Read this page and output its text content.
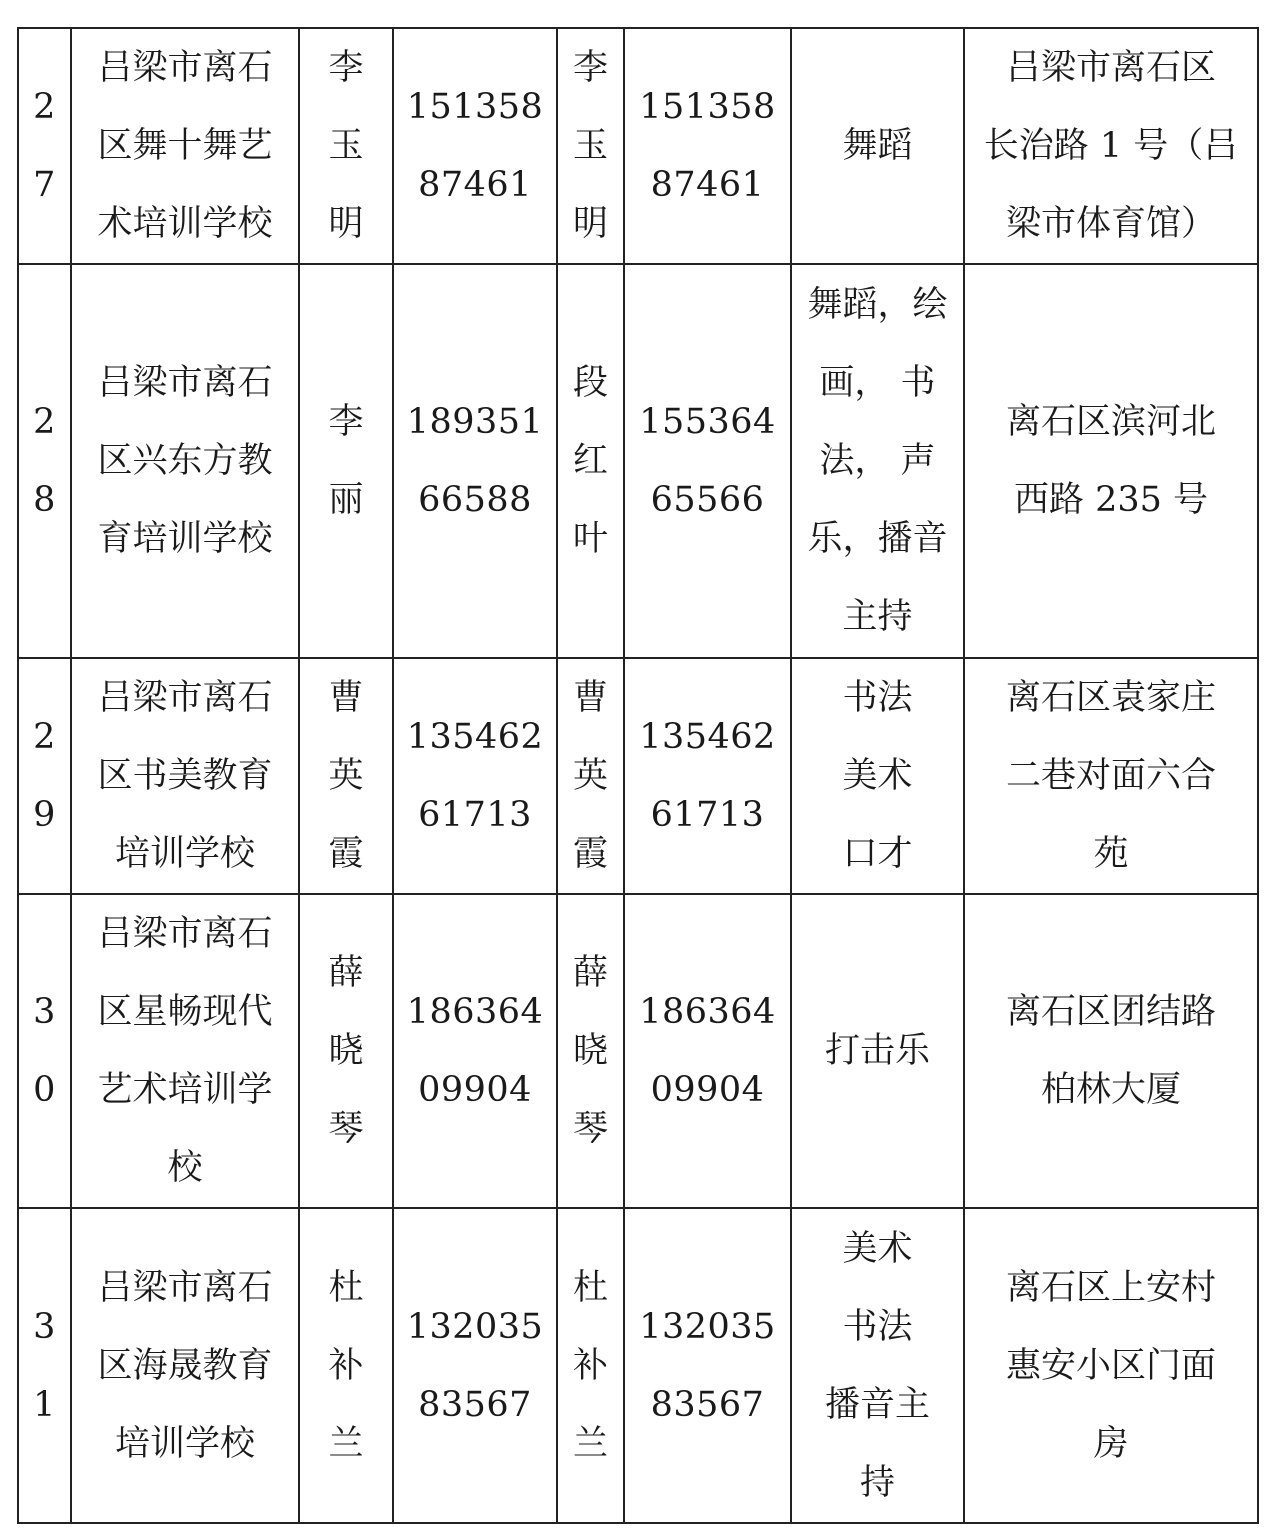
2
7	吕梁市离石
区舞十舞艺
术培训学校	李
玉
明	151358
87461	李
玉
明	151358
87461	舞蹈	吕梁市离石区
长治路 1 号（吕
梁市体育馆）

2
8	吕梁市离石
区兴东方教
育培训学校	李
丽	189351
66588	段
红
叶	155364
65566	舞蹈，绘
画， 书
法， 声
乐，播音
主持	离石区滨河北
西路 235 号

2
9	吕梁市离石
区书美教育
培训学校	曹
英
霞	135462
61713	曹
英
霞	135462
61713	书法
美术
口才	离石区袁家庄
二巷对面六合
苑

3
0	吕梁市离石
区星畅现代
艺术培训学
校	薛
晓
琴	186364
09904	薛
晓
琴	186364
09904	打击乐	离石区团结路
柏林大厦

3
1	吕梁市离石
区海晟教育
培训学校	杜
补
兰	132035
83567	杜
补
兰	132035
83567	美术
书法
播音主
持	离石区上安村
惠安小区门面
房
